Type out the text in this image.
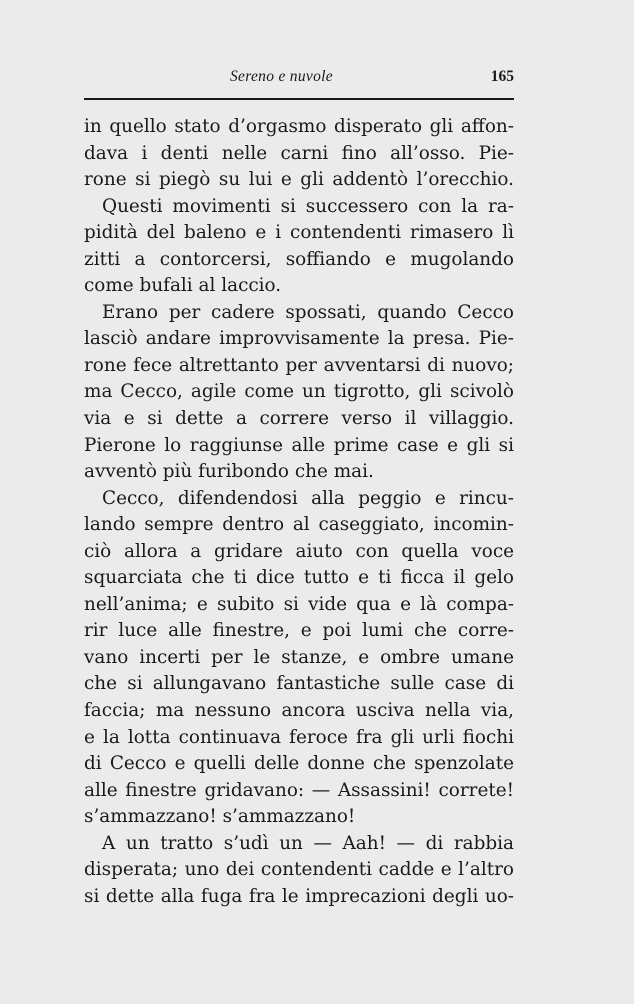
Sereno e nuvole	165
in quello stato d’orgasmo disperato gli affon-
dava i denti nelle carni fino all’osso. Pie-
rone si piegò su lui e gli addentò l’orecchio.
Questi movimenti si successero con la ra-
pidità del baleno e i contendenti rimasero lì
zitti a contorcersi, soffiando e mugolando
come bufali al laccio.
Erano per cadere spossati, quando Cecco
lasciò andare improvvisamente la presa. Pie-
rone fece altrettanto per avventarsi di nuovo;
ma Cecco, agile come un tigrotto, gli scivolò
via e si dette a correre verso il villaggio.
Pierone lo raggiunse alle prime case e gli si
avventò più furibondo che mai.
Cecco, difendendosi alla peggio e rincu-
lando sempre dentro al caseggiato, incomin-
ciò allora a gridare aiuto con quella voce
squarciata che ti dice tutto e ti ficca il gelo
nell’anima; e subito si vide qua e là compa-
rir luce alle finestre, e poi lumi che corre-
vano incerti per le stanze, e ombre umane
che si allungavano fantastiche sulle case di
faccia; ma nessuno ancora usciva nella via,
e la lotta continuava feroce fra gli urli fiochi
di Cecco e quelli delle donne che spenzolate
alle finestre gridavano: — Assassini! correte!
s’ammazzano! s’ammazzano!
A un tratto s’udì un — Aah! — di rabbia
disperata; uno dei contendenti cadde e l’altro
si dette alla fuga fra le imprecazioni degli uo-
